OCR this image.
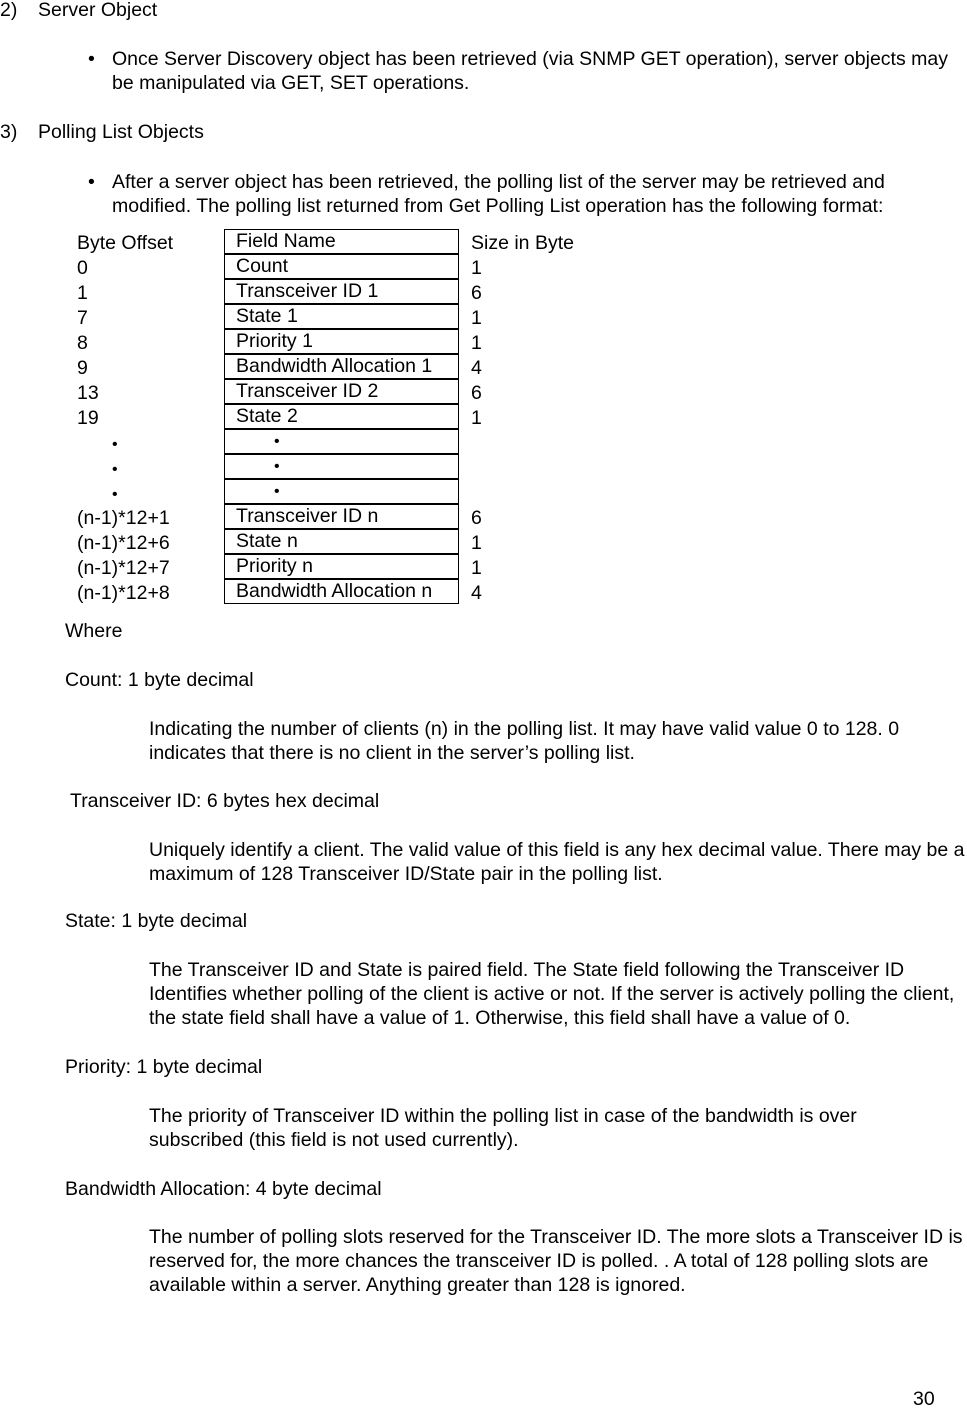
2) Server Object
• Once Server Discovery object has been retrieved (via SNMP GET operation), server objects may be manipulated via GET, SET operations.
3) Polling List Objects
• After a server object has been retrieved, the polling list of the server may be retrieved and modified. The polling list returned from Get Polling List operation has the following format:
Byte Offset	Field Name	Size in Byte
0	Count	1
1	Transceiver ID 1	6
7	State 1	1
8	Priority 1	1
9	Bandwidth Allocation 1	4
13	Transceiver ID 2	6
19	State 2	1
•	•
•	•
•	•
(n-1)*12+1	Transceiver ID n	6
(n-1)*12+6	State n	1
(n-1)*12+7	Priority n	1
(n-1)*12+8	Bandwidth Allocation n	4
Where
Count: 1 byte decimal
Indicating the number of clients (n) in the polling list. It may have valid value 0 to 128. 0 indicates that there is no client in the server’s polling list.
Transceiver ID: 6 bytes hex decimal
Uniquely identify a client. The valid value of this field is any hex decimal value. There may be a maximum of 128 Transceiver ID/State pair in the polling list.
State: 1 byte decimal
The Transceiver ID and State is paired field. The State field following the Transceiver ID Identifies whether polling of the client is active or not. If the server is actively polling the client, the state field shall have a value of 1. Otherwise, this field shall have a value of 0.
Priority: 1 byte decimal
The priority of Transceiver ID within the polling list in case of the bandwidth is over subscribed (this field is not used currently).
Bandwidth Allocation: 4 byte decimal
The number of polling slots reserved for the Transceiver ID. The more slots a Transceiver ID is reserved for, the more chances the transceiver ID is polled. . A total of 128 polling slots are available within a server. Anything greater than 128 is ignored.
30
